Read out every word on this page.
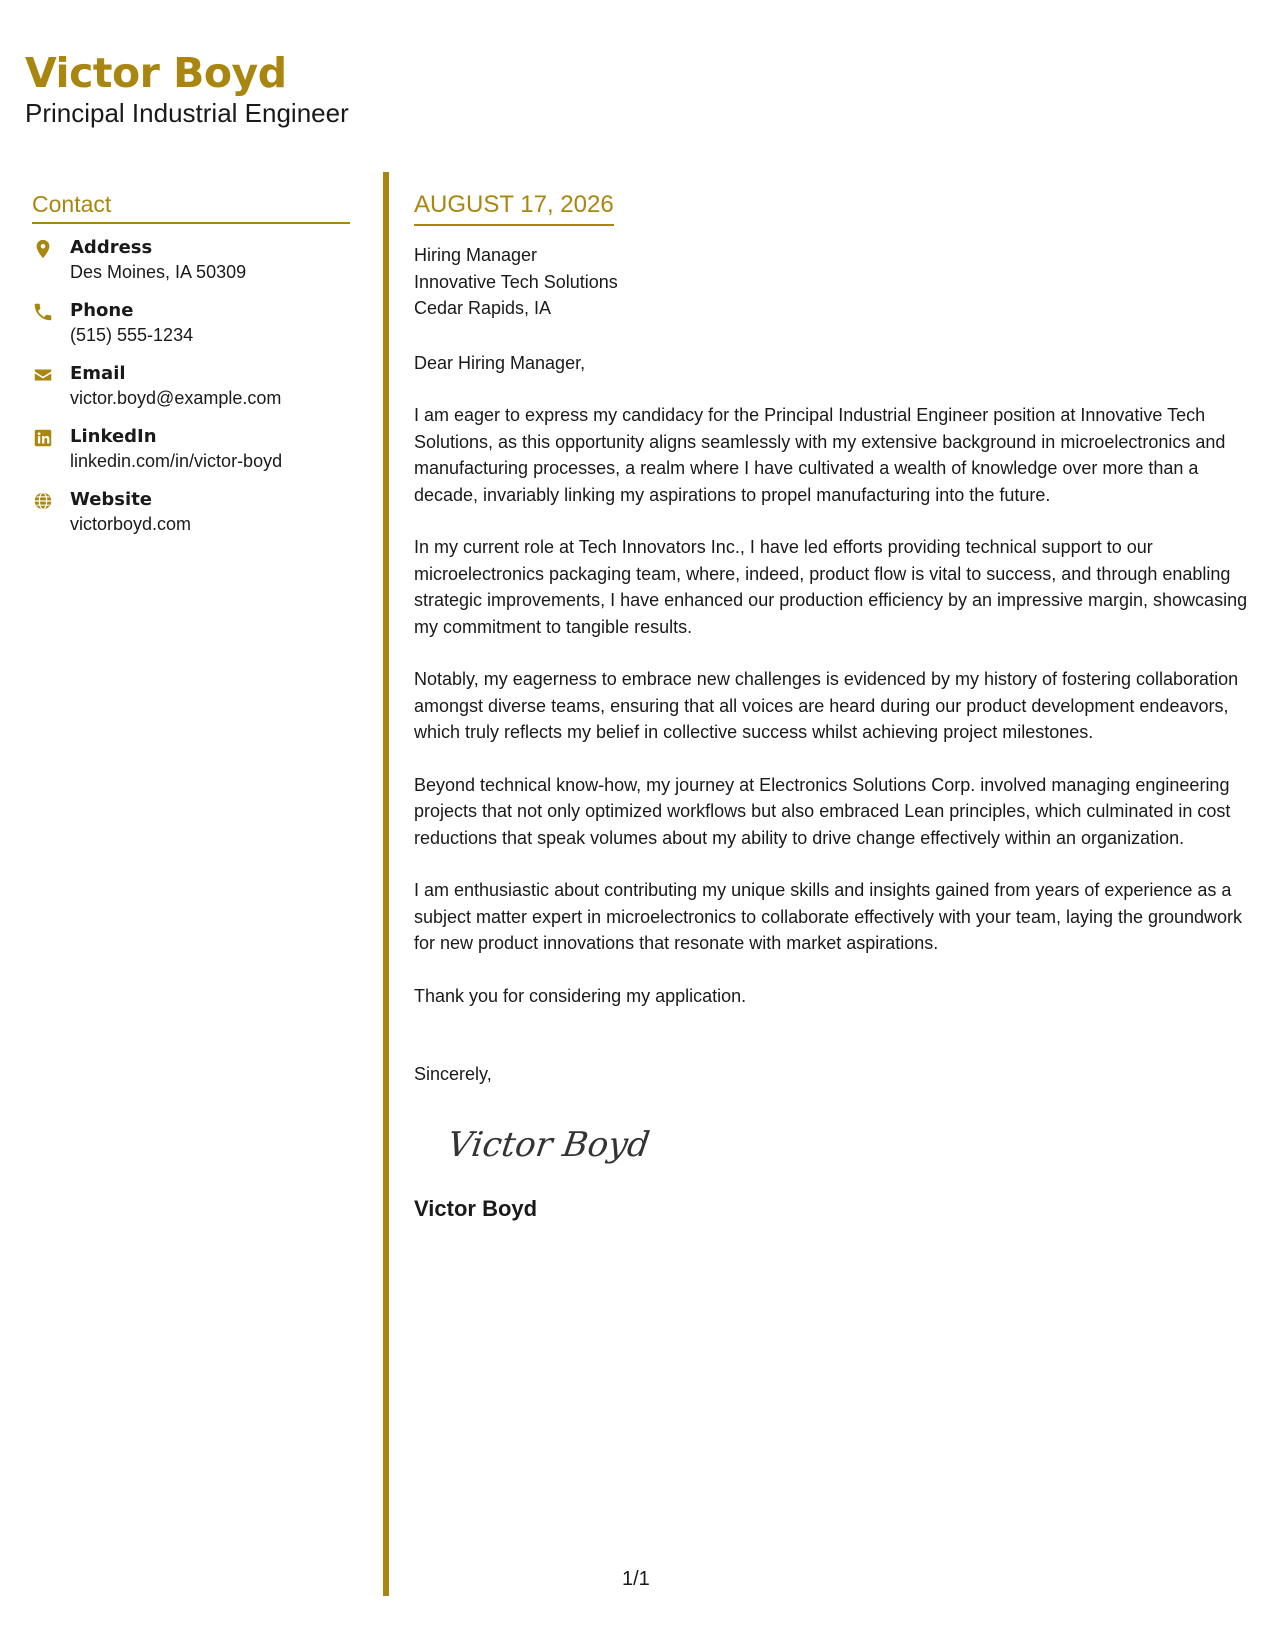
Victor Boyd
Principal Industrial Engineer
Contact
Address
Des Moines, IA 50309
Phone
(515) 555-1234
Email
victor.boyd@example.com
LinkedIn
linkedin.com/in/victor-boyd
Website
victorboyd.com
AUGUST 17, 2026
Hiring Manager
Innovative Tech Solutions
Cedar Rapids, IA
Dear Hiring Manager,
I am eager to express my candidacy for the Principal Industrial Engineer position at Innovative Tech Solutions, as this opportunity aligns seamlessly with my extensive background in microelectronics and manufacturing processes, a realm where I have cultivated a wealth of knowledge over more than a decade, invariably linking my aspirations to propel manufacturing into the future.
In my current role at Tech Innovators Inc., I have led efforts providing technical support to our microelectronics packaging team, where, indeed, product flow is vital to success, and through enabling strategic improvements, I have enhanced our production efficiency by an impressive margin, showcasing my commitment to tangible results.
Notably, my eagerness to embrace new challenges is evidenced by my history of fostering collaboration amongst diverse teams, ensuring that all voices are heard during our product development endeavors, which truly reflects my belief in collective success whilst achieving project milestones.
Beyond technical know-how, my journey at Electronics Solutions Corp. involved managing engineering projects that not only optimized workflows but also embraced Lean principles, which culminated in cost reductions that speak volumes about my ability to drive change effectively within an organization.
I am enthusiastic about contributing my unique skills and insights gained from years of experience as a subject matter expert in microelectronics to collaborate effectively with your team, laying the groundwork for new product innovations that resonate with market aspirations.
Thank you for considering my application.
Sincerely,
Victor Boyd
Victor Boyd
1/1
